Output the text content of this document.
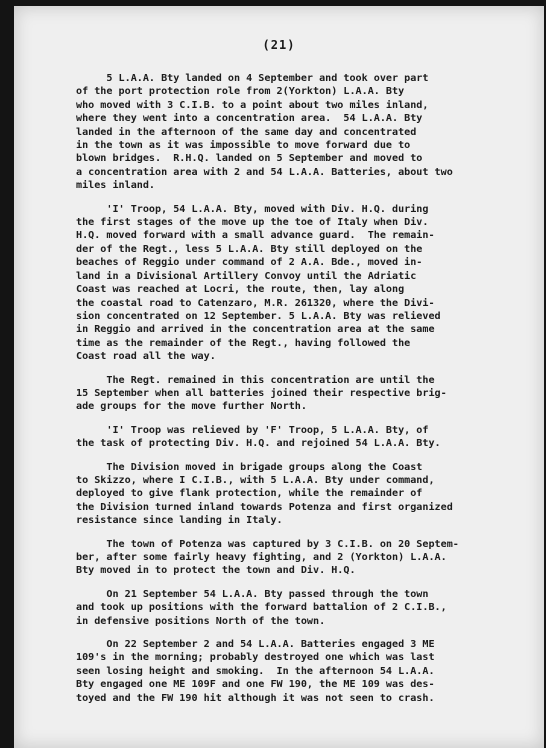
(21)
5 L.A.A. Bty landed on 4 September and took over part
of the port protection role from 2(Yorkton) L.A.A. Bty
who moved with 3 C.I.B. to a point about two miles inland,
where they went into a concentration area.  54 L.A.A. Bty
landed in the afternoon of the same day and concentrated
in the town as it was impossible to move forward due to
blown bridges.  R.H.Q. landed on 5 September and moved to
a concentration area with 2 and 54 L.A.A. Batteries, about two
miles inland.
'I' Troop, 54 L.A.A. Bty, moved with Div. H.Q. during
the first stages of the move up the toe of Italy when Div.
H.Q. moved forward with a small advance guard.  The remain-
der of the Regt., less 5 L.A.A. Bty still deployed on the
beaches of Reggio under command of 2 A.A. Bde., moved in-
land in a Divisional Artillery Convoy until the Adriatic
Coast was reached at Locri, the route, then, lay along
the coastal road to Catenzaro, M.R. 261320, where the Divi-
sion concentrated on 12 September. 5 L.A.A. Bty was relieved
in Reggio and arrived in the concentration area at the same
time as the remainder of the Regt., having followed the
Coast road all the way.
The Regt. remained in this concentration are until the
15 September when all batteries joined their respective brig-
ade groups for the move further North.
'I' Troop was relieved by 'F' Troop, 5 L.A.A. Bty, of
the task of protecting Div. H.Q. and rejoined 54 L.A.A. Bty.
The Division moved in brigade groups along the Coast
to Skizzo, where I C.I.B., with 5 L.A.A. Bty under command,
deployed to give flank protection, while the remainder of
the Division turned inland towards Potenza and first organized
resistance since landing in Italy.
The town of Potenza was captured by 3 C.I.B. on 20 Septem-
ber, after some fairly heavy fighting, and 2 (Yorkton) L.A.A.
Bty moved in to protect the town and Div. H.Q.
On 21 September 54 L.A.A. Bty passed through the town
and took up positions with the forward battalion of 2 C.I.B.,
in defensive positions North of the town.
On 22 September 2 and 54 L.A.A. Batteries engaged 3 ME
109's in the morning; probably destroyed one which was last
seen losing height and smoking.  In the afternoon 54 L.A.A.
Bty engaged one ME 109F and one FW 190, the ME 109 was des-
toyed and the FW 190 hit although it was not seen to crash.
